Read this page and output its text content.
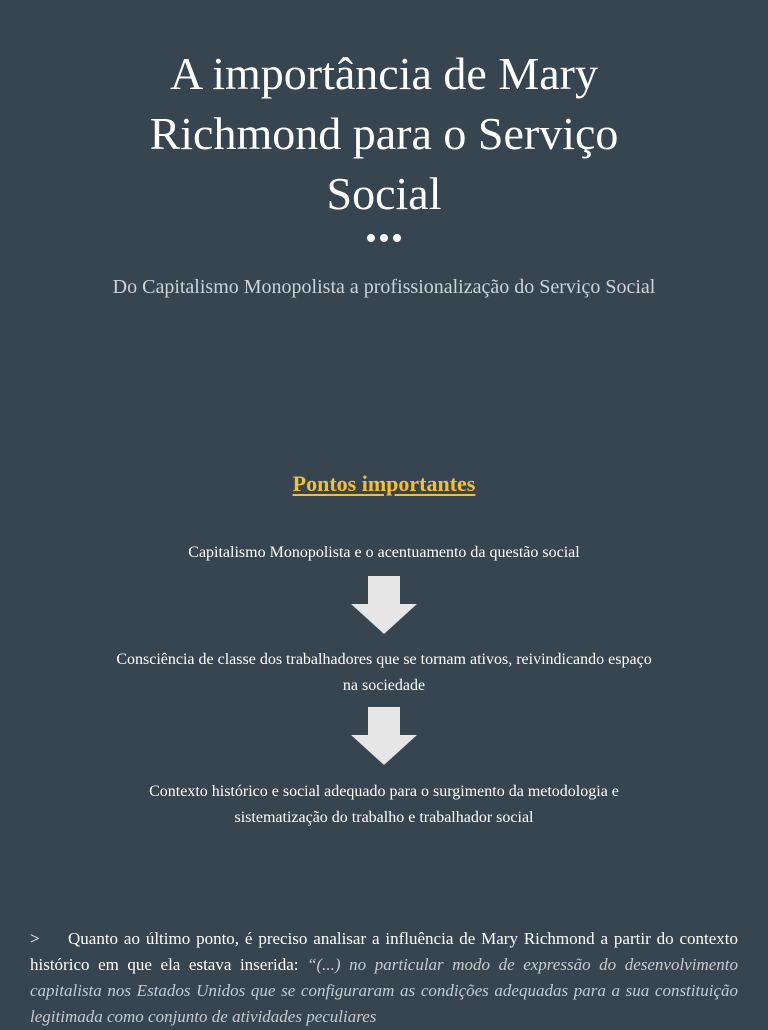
A importância de Mary
Richmond para o Serviço
Social
Do Capitalismo Monopolista a profissionalização do Serviço Social
Pontos importantes
Capitalismo Monopolista e o acentuamento da questão social
Consciência de classe dos trabalhadores que se tornam ativos, reivindicando espaço
na sociedade
Contexto histórico e social adequado para o surgimento da metodologia e
sistematização do trabalho e trabalhador social

> Quanto ao último ponto, é preciso analisar a influência de Mary Richmond a partir do contexto histórico em que ela estava inserida: “(...) no particular modo de expressão do desenvolvimento capitalista nos Estados Unidos que se configuraram as condições adequadas para a sua constituição legitimada como conjunto de atividades peculiares
